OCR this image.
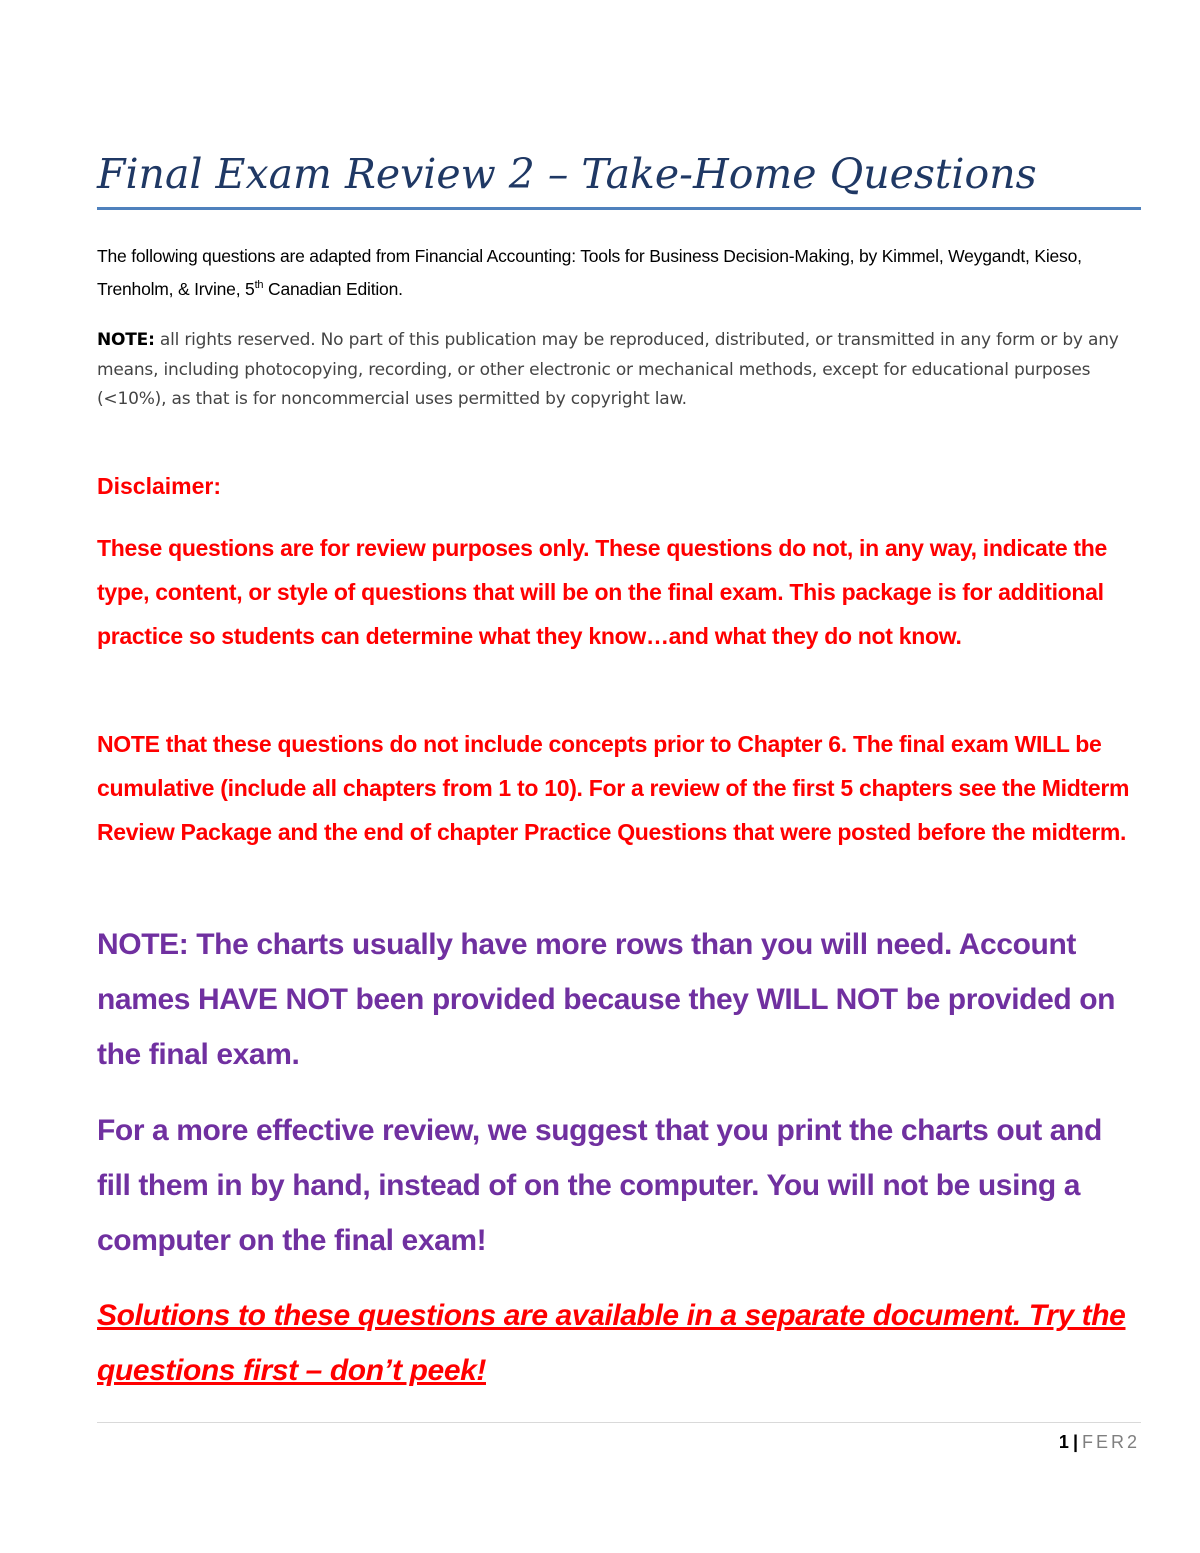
Final Exam Review 2 – Take-Home Questions

The following questions are adapted from Financial Accounting: Tools for Business Decision-Making, by Kimmel, Weygandt, Kieso, Trenholm, & Irvine, 5th Canadian Edition.

NOTE: all rights reserved. No part of this publication may be reproduced, distributed, or transmitted in any form or by any means, including photocopying, recording, or other electronic or mechanical methods, except for educational purposes (<10%), as that is for noncommercial uses permitted by copyright law.

Disclaimer:

These questions are for review purposes only. These questions do not, in any way, indicate the type, content, or style of questions that will be on the final exam. This package is for additional practice so students can determine what they know…and what they do not know.

NOTE that these questions do not include concepts prior to Chapter 6. The final exam WILL be cumulative (include all chapters from 1 to 10). For a review of the first 5 chapters see the Midterm Review Package and the end of chapter Practice Questions that were posted before the midterm.

NOTE: The charts usually have more rows than you will need. Account names HAVE NOT been provided because they WILL NOT be provided on the final exam.

For a more effective review, we suggest that you print the charts out and fill them in by hand, instead of on the computer. You will not be using a computer on the final exam!

Solutions to these questions are available in a separate document. Try the questions first – don’t peek!

1 | FER2
